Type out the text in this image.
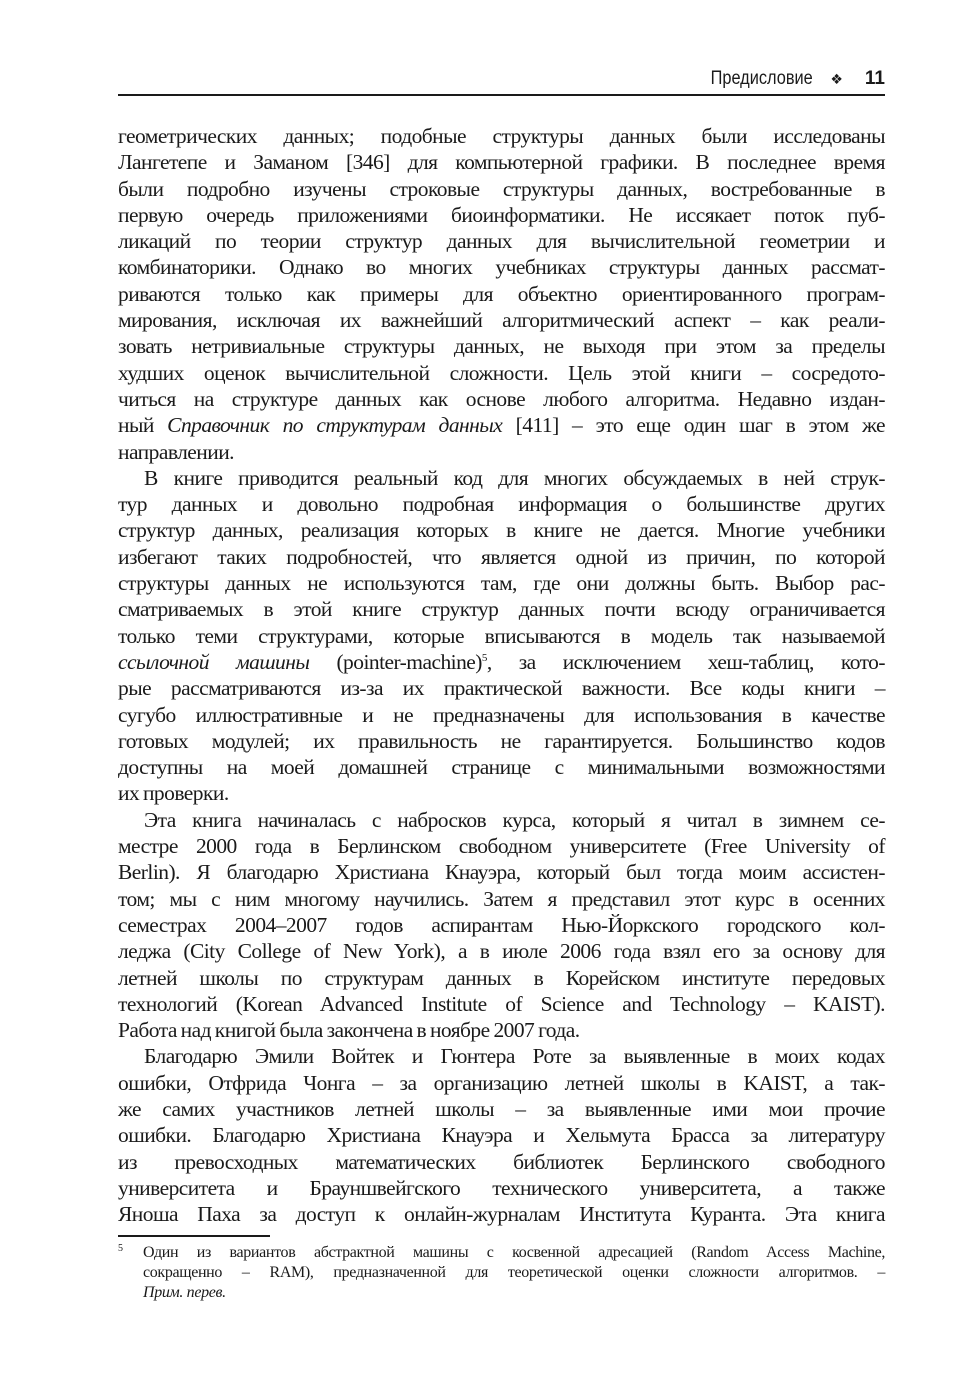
Предисловие ❖ 11
геометрических данных; подобные структуры данных были исследованы
Лангетепе и Заманом [346] для компьютерной графики. В последнее время
были подробно изучены строковые структуры данных, востребованные в
первую очередь приложениями биоинформатики. Не иссякает поток пуб-
ликаций по теории структур данных для вычислительной геометрии и
комбинаторики. Однако во многих учебниках структуры данных рассмат-
риваются только как примеры для объектно ориентированного програм-
мирования, исключая их важнейший алгоритмический аспект – как реали-
зовать нетривиальные структуры данных, не выходя при этом за пределы
худших оценок вычислительной сложности. Цель этой книги – сосредото-
читься на структуре данных как основе любого алгоритма. Недавно издан-
ный Справочник по структурам данных [411] – это еще один шаг в этом же
направлении.
В книге приводится реальный код для многих обсуждаемых в ней струк-
тур данных и довольно подробная информация о большинстве других
структур данных, реализация которых в книге не дается. Многие учебники
избегают таких подробностей, что является одной из причин, по которой
структуры данных не используются там, где они должны быть. Выбор рас-
сматриваемых в этой книге структур данных почти всюду ограничивается
только теми структурами, которые вписываются в модель так называемой
ссылочной машины (pointer-machine)$^5$, за исключением хеш-таблиц, кото-
рые рассматриваются из-за их практической важности. Все коды книги –
сугубо иллюстративные и не предназначены для использования в качестве
готовых модулей; их правильность не гарантируется. Большинство кодов
доступны на моей домашней странице с минимальными возможностями
их проверки.
Эта книга начиналась с набросков курса, который я читал в зимнем се-
местре 2000 года в Берлинском свободном университете (Free University of
Berlin). Я благодарю Христиана Кнауэра, который был тогда моим ассистен-
том; мы с ним многому научились. Затем я представил этот курс в осенних
семестрах 2004–2007 годов аспирантам Нью-Йоркского городского кол-
леджа (City College of New York), а в июле 2006 года взял его за основу для
летней школы по структурам данных в Корейском институте передовых
технологий (Korean Advanced Institute of Science and Technology – KAIST).
Работа над книгой была закончена в ноябре 2007 года.
Благодарю Эмили Войтек и Гюнтера Роте за выявленные в моих кодах
ошибки, Отфрида Чонга – за организацию летней школы в KAIST, а так-
же самих участников летней школы – за выявленные ими мои прочие
ошибки. Благодарю Христиана Кнауэра и Хельмута Брасса за литературу
из превосходных математических библиотек Берлинского свободного
университета и Брауншвейгского технического университета, а также
Яноша Паха за доступ к онлайн-журналам Института Куранта. Эта книга
5 Один из вариантов абстрактной машины с косвенной адресацией (Random Access Machine,
сокращенно – RAM), предназначенной для теоретической оценки сложности алгоритмов. –
Прим. перев.
